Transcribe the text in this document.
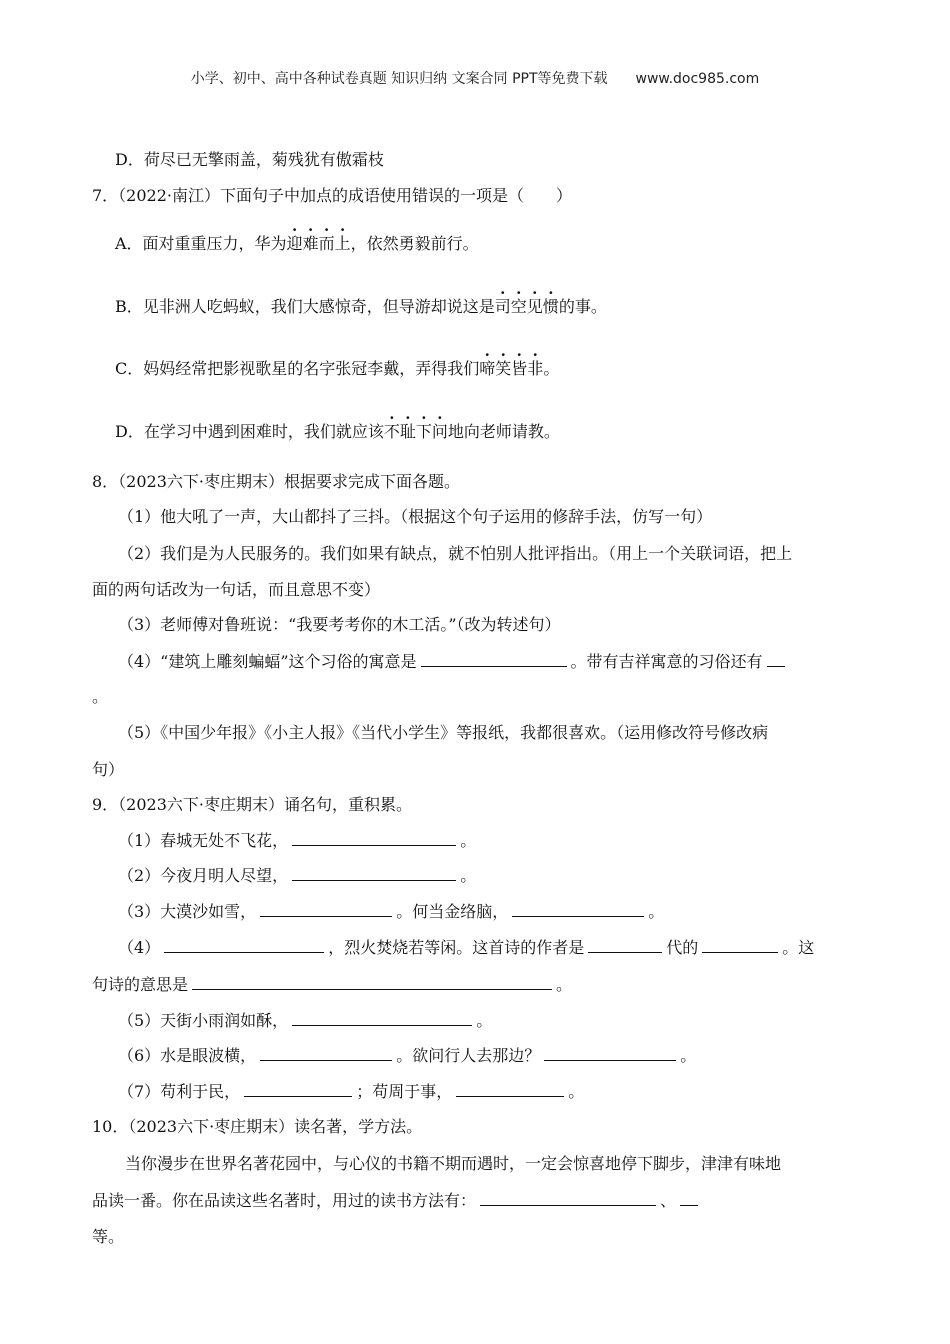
小学、初中、高中各种试卷真题 知识归纳 文案合同 PPT等免费下载 www.doc985.com
D．荷尽已无擎雨盖，菊残犹有傲霜枝
7．（2022·南江）下面句子中加点的成语使用错误的一项是（　　）
A．面对重重压力，华为迎难而上，依然勇毅前行。
B．见非洲人吃蚂蚁，我们大感惊奇，但导游却说这是司空见惯的事。
C．妈妈经常把影视歌星的名字张冠李戴，弄得我们啼笑皆非。
D．在学习中遇到困难时，我们就应该不耻下问地向老师请教。
8．（2023六下·枣庄期末）根据要求完成下面各题。
（1）他大吼了一声，大山都抖了三抖。（根据这个句子运用的修辞手法，仿写一句）
（2）我们是为人民服务的。我们如果有缺点，就不怕别人批评指出。（用上一个关联词语，把上
面的两句话改为一句话，而且意思不变）
（3）老师傅对鲁班说：“我要考考你的木工活。”（改为转述句）
（4）“建筑上雕刻蝙蝠”这个习俗的寓意是	。带有吉祥寓意的习俗还有
。
（5）《中国少年报》《小主人报》《当代小学生》等报纸，我都很喜欢。（运用修改符号修改病
句）
9．（2023六下·枣庄期末）诵名句，重积累。
（1）春城无处不飞花，	。
（2）今夜月明人尽望，	。
（3）大漠沙如雪，	。何当金络脑，	。
（4）	，烈火焚烧若等闲。这首诗的作者是	代的	。这
句诗的意思是	。
（5）天街小雨润如酥，	。
（6）水是眼波横，	。欲问行人去那边？	。
（7）苟利于民，	；苟周于事，	。
10．（2023六下·枣庄期末）读名著，学方法。
当你漫步在世界名著花园中，与心仪的书籍不期而遇时，一定会惊喜地停下脚步，津津有味地
品读一番。你在品读这些名著时，用过的读书方法有：	、
等。
